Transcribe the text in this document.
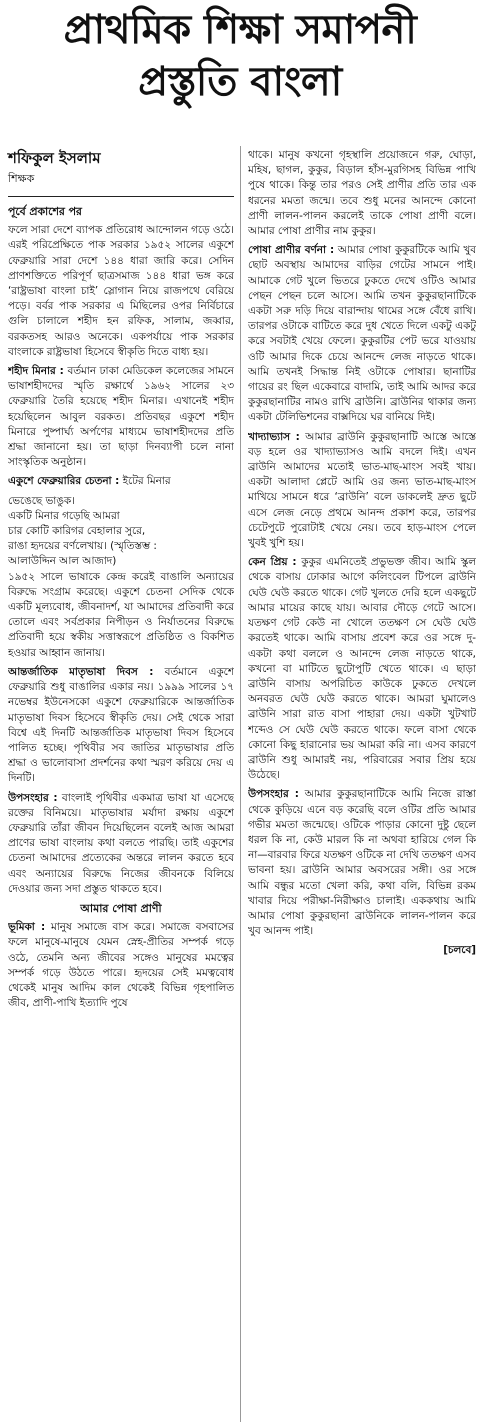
প্রাথমিক শিক্ষা সমাপনী
প্রস্তুতি বাংলা
শফিকুল ইসলাম
শিক্ষক

পূর্বে প্রকাশের পর

ফলে সারা দেশে ব্যাপক প্রতিরোধ আন্দোলন গড়ে ওঠে। এরই পরিপ্রেক্ষিতে পাক সরকার ১৯৫২ সালের একুশে ফেব্রুয়ারি সারা দেশে ১৪৪ ধারা জারি করে। সেদিন প্রাণশক্তিতে পরিপূর্ণ ছাত্রসমাজ ১৪৪ ধারা ভঙ্গ করে ‘রাষ্ট্রভাষা বাংলা চাই’ স্লোগান নিয়ে রাজপথে বেরিয়ে পড়ে। বর্বর পাক সরকার এ মিছিলের ওপর নির্বিচারে গুলি চালালে শহীদ হন রফিক, সালাম, জব্বার, বরকতসহ আরও অনেকে। একপর্যায়ে পাক সরকার বাংলাকে রাষ্ট্রভাষা হিসেবে স্বীকৃতি দিতে বাধ্য হয়।

শহীদ মিনার : বর্তমান ঢাকা মেডিকেল কলেজের সামনে ভাষাশহীদদের স্মৃতি রক্ষার্থে ১৯৬২ সালের ২৩ ফেব্রুয়ারি তৈরি হয়েছে শহীদ মিনার। এখানেই শহীদ হয়েছিলেন আবুল বরকত। প্রতিবছর একুশে শহীদ মিনারে পুষ্পার্ঘ্য অর্পণের মাধ্যমে ভাষাশহীদদের প্রতি শ্রদ্ধা জানানো হয়। তা ছাড়া দিনব্যাপী চলে নানা সাংস্কৃতিক অনুষ্ঠান।

একুশে ফেব্রুয়ারির চেতনা : ইটের মিনার

ভেঙেছে ভাঙুক।
একটি মিনার গড়েছি আমরা
চার কোটি কারিগর বেহালার সুরে,
রাঙা হৃদয়ের বর্ণলেখায়। (স্মৃতিস্তম্ভ :
আলাউদ্দিন আল আজাদ)

১৯৫২ সালে ভাষাকে কেন্দ্র করেই বাঙালি অন্যায়ের বিরুদ্ধে সংগ্রাম করেছে। একুশে চেতনা সেদিক থেকে একটি মূল্যবোধ, জীবনাদর্শ, যা আমাদের প্রতিবাদী করে তোলে এবং সর্বপ্রকার নিপীড়ন ও নির্যাতনের বিরুদ্ধে প্রতিবাদী হয়ে স্বকীয় সত্তাস্বরূপে প্রতিষ্ঠিত ও বিকশিত হওয়ার আহ্বান জানায়।

আন্তর্জাতিক মাতৃভাষা দিবস : বর্তমানে একুশে ফেব্রুয়ারি শুধু বাঙালির একার নয়। ১৯৯৯ সালের ১৭ নভেম্বর ইউনেসকো একুশে ফেব্রুয়ারিকে আন্তর্জাতিক মাতৃভাষা দিবস হিসেবে স্বীকৃতি দেয়। সেই থেকে সারা বিশ্বে এই দিনটি আন্তর্জাতিক মাতৃভাষা দিবস হিসেবে পালিত হচ্ছে। পৃথিবীর সব জাতির মাতৃভাষার প্রতি শ্রদ্ধা ও ভালোবাসা প্রদর্শনের কথা স্মরণ করিয়ে দেয় এ দিনটি।

উপসংহার : বাংলাই পৃথিবীর একমাত্র ভাষা যা এসেছে রক্তের বিনিময়ে। মাতৃভাষার মর্যাদা রক্ষায় একুশে ফেব্রুয়ারি তাঁরা জীবন দিয়েছিলেন বলেই আজ আমরা প্রাণের ভাষা বাংলায় কথা বলতে পারছি। তাই একুশের চেতনা আমাদের প্রত্যেকের অন্তরে লালন করতে হবে এবং অন্যায়ের বিরুদ্ধে নিজের জীবনকে বিলিয়ে দেওয়ার জন্য সদা প্রস্তুত থাকতে হবে।

আমার পোষা প্রাণী

ভূমিকা : মানুষ সমাজে বাস করে। সমাজে বসবাসের ফলে মানুষে-মানুষে যেমন স্নেহ-প্রীতির সম্পর্ক গড়ে ওঠে, তেমনি অন্য জীবের সঙ্গেও মানুষের মমত্বের সম্পর্ক গড়ে উঠতে পারে। হৃদয়ের সেই মমত্ববোধ থেকেই মানুষ আদিম কাল থেকেই বিভিন্ন গৃহপালিত জীব, প্রাণী-পাখি ইত্যাদি পুষে

থাকে। মানুষ কখনো গৃহস্থালি প্রয়োজনে গরু, ঘোড়া, মহিষ, ছাগল, কুকুর, বিড়াল হাঁস-মুরগিসহ বিভিন্ন পাখি পুষে থাকে। কিন্তু তার পরও সেই প্রাণীর প্রতি তার এক ধরনের মমতা জন্মে। তবে শুধু মনের আনন্দে কোনো প্রাণী লালন-পালন করলেই তাকে পোষা প্রাণী বলে। আমার পোষা প্রাণীর নাম কুকুর।

পোষা প্রাণীর বর্ণনা : আমার পোষা কুকুরটিকে আমি খুব ছোট অবস্থায় আমাদের বাড়ির গেটের সামনে পাই। আমাকে গেট খুলে ভিতরে ঢুকতে দেখে ওটিও আমার পেছন পেছন চলে আসে। আমি তখন কুকুরছানাটিকে একটা সরু দড়ি দিয়ে বারান্দায় থামের সঙ্গে বেঁধে রাখি। তারপর ওটাকে বাটিতে করে দুধ খেতে দিলে একটু একটু করে সবটাই খেয়ে ফেলে। কুকুরটির পেট ভরে যাওয়ায় ওটি আমার দিকে চেয়ে আনন্দে লেজ নাড়তে থাকে। আমি তখনই সিদ্ধান্ত নিই ওটাকে পোষার। ছানাটির গায়ের রং ছিল একেবারে বাদামি, তাই আমি আদর করে কুকুরছানাটির নামও রাখি ব্রাউনি। ব্রাউনির থাকার জন্য একটা টেলিভিশনের বাক্সদিয়ে ঘর বানিয়ে দিই।

খাদ্যাভ্যাস : আমার ব্রাউনি কুকুরছানাটি আস্তে আস্তে বড় হলে ওর খাদ্যাভ্যাসও আমি বদলে দিই। এখন ব্রাউনি আমাদের মতোই ভাত-মাছ-মাংস সবই খায়। একটা আলাদা প্লেটে আমি ওর জন্য ভাত-মাছ-মাংস মাখিয়ে সামনে ধরে ‘ব্রাউনি’ বলে ডাকলেই দ্রুত ছুটে এসে লেজ নেড়ে প্রথমে আনন্দ প্রকাশ করে, তারপর চেটেপুটে পুরোটাই খেয়ে নেয়। তবে হাড়-মাংস পেলে খুবই খুশি হয়।

কেন প্রিয় : কুকুর এমনিতেই প্রভুভক্ত জীব। আমি স্কুল থেকে বাসায় ঢোকার আগে কলিংবেল টিপলে ব্রাউনি ঘেউ ঘেউ করতে থাকে। গেট খুলতে দেরি হলে একছুটে আমার মায়ের কাছে যায়। আবার দৌড়ে গেটে আসে। যতক্ষণ গেট কেউ না খোলে ততক্ষণ সে ঘেউ ঘেউ করতেই থাকে। আমি বাসায় প্রবেশ করে ওর সঙ্গে দু-একটা কথা বললে ও আনন্দে লেজ নাড়তে থাকে, কখনো বা মাটিতে ছুটোপুটি খেতে থাকে। এ ছাড়া ব্রাউনি বাসায় অপরিচিত কাউকে ঢুকতে দেখলে অনবরত ঘেউ ঘেউ করতে থাকে। আমরা ঘুমালেও ব্রাউনি সারা রাত বাসা পাহারা দেয়। একটা খুটখাট শব্দেও সে ঘেউ ঘেউ করতে থাকে। ফলে বাসা থেকে কোনো কিছু হারানোর ভয় আমরা করি না। এসব কারণে ব্রাউনি শুধু আমারই নয়, পরিবারের সবার প্রিয় হয়ে উঠেছে।

উপসংহার : আমার কুকুরছানাটিকে আমি নিজে রাস্তা থেকে কুড়িয়ে এনে বড় করেছি বলে ওটির প্রতি আমার গভীর মমতা জন্মেছে। ওটিকে পাড়ার কোনো দুষ্টু ছেলে ধরল কি না, কেউ মারল কি না অথবা হারিয়ে গেল কি না—বারবার ফিরে যতক্ষণ ওটিকে না দেখি ততক্ষণ এসব ভাবনা হয়। ব্রাউনি আমার অবসরের সঙ্গী। ওর সঙ্গে আমি বন্ধুর মতো খেলা করি, কথা বলি, বিভিন্ন রকম খাবার দিয়ে পরীক্ষা-নিরীক্ষাও চালাই। এককথায় আমি আমার পোষা কুকুরছানা ব্রাউনিকে লালন-পালন করে খুব আনন্দ পাই।

[চলবে]
